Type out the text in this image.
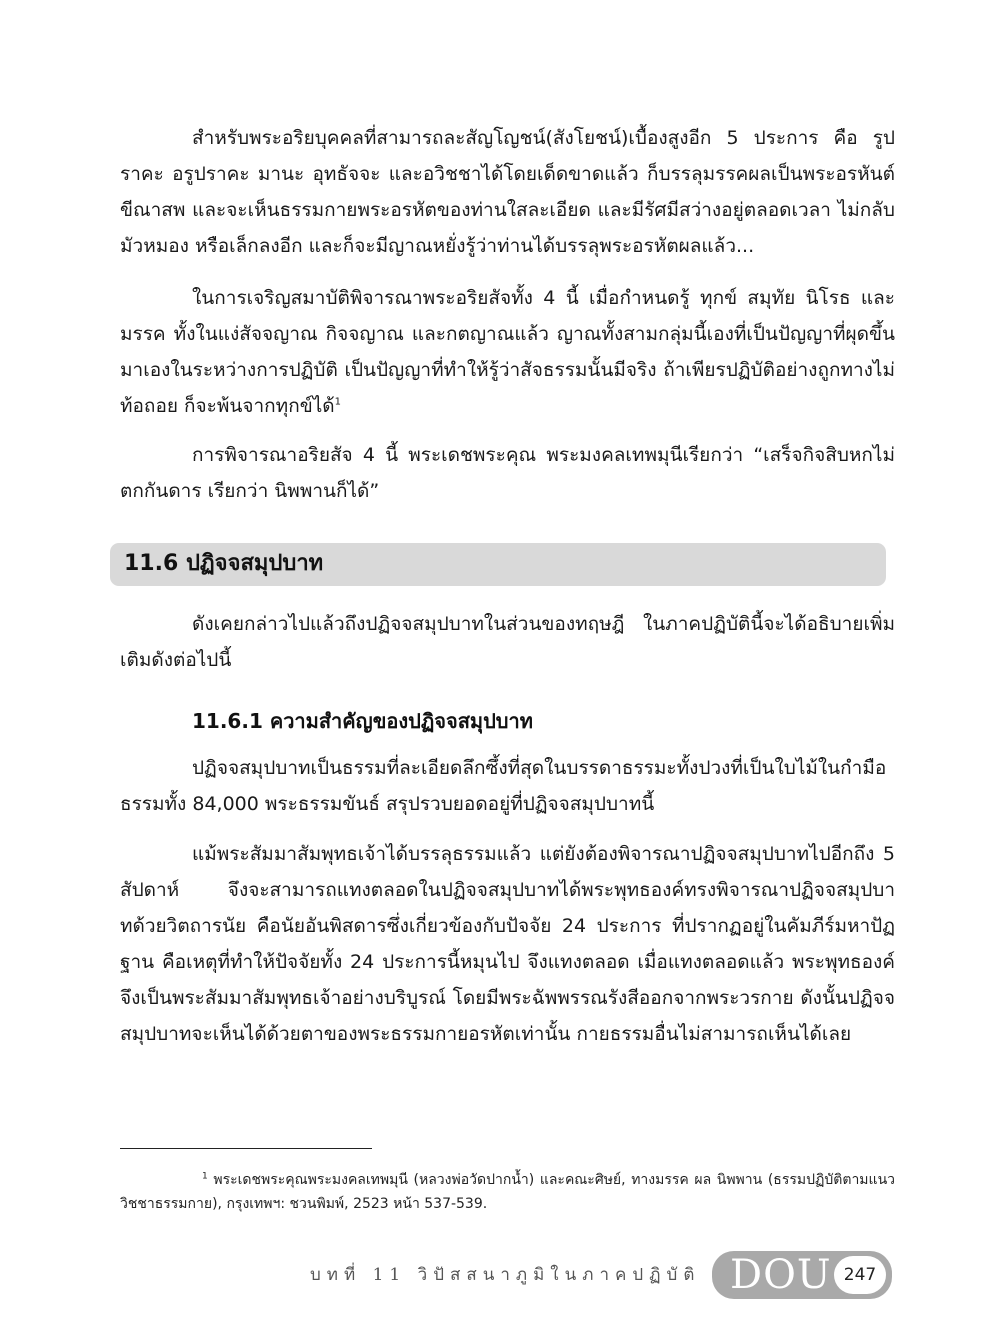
สำหรับพระอริยบุคคลที่สามารถละสัญโญชน์(สังโยชน์)เบื้องสูงอีก 5 ประการ คือ รูปราคะ อรูปราคะ มานะ อุทธัจจะ และอวิชชาได้โดยเด็ดขาดแล้ว ก็บรรลุมรรคผลเป็นพระอรหันต์ขีณาสพ และจะเห็นธรรมกายพระอรหัตของท่านใสละเอียด และมีรัศมีสว่างอยู่ตลอดเวลา ไม่กลับมัวหมอง หรือเล็กลงอีก และก็จะมีญาณหยั่งรู้ว่าท่านได้บรรลุพระอรหัตผลแล้ว...

ในการเจริญสมาบัติพิจารณาพระอริยสัจทั้ง 4 นี้ เมื่อกำหนดรู้ ทุกข์ สมุทัย นิโรธ และมรรค ทั้งในแง่สัจจญาณ กิจจญาณ และกตญาณแล้ว ญาณทั้งสามกลุ่มนี้เองที่เป็นปัญญาที่ผุดขึ้นมาเองในระหว่างการปฏิบัติ เป็นปัญญาที่ทำให้รู้ว่าสัจธรรมนั้นมีจริง ถ้าเพียรปฏิบัติอย่างถูกทางไม่ท้อถอย ก็จะพ้นจากทุกข์ได้$^1$

การพิจารณาอริยสัจ 4 นี้ พระเดชพระคุณ พระมงคลเทพมุนีเรียกว่า “เสร็จกิจสิบหกไม่ตกกันดาร เรียกว่า นิพพานก็ได้”

11.6 ปฏิจจสมุปบาท

ดังเคยกล่าวไปแล้วถึงปฏิจจสมุปบาทในส่วนของทฤษฎี ในภาคปฏิบัตินี้จะได้อธิบายเพิ่มเติมดังต่อไปนี้

11.6.1 ความสำคัญของปฏิจจสมุปบาท

ปฏิจจสมุปบาทเป็นธรรมที่ละเอียดลึกซึ้งที่สุดในบรรดาธรรมะทั้งปวงที่เป็นใบไม้ในกำมือ ธรรมทั้ง 84,000 พระธรรมขันธ์ สรุปรวบยอดอยู่ที่ปฏิจจสมุปบาทนี้

แม้พระสัมมาสัมพุทธเจ้าได้บรรลุธรรมแล้ว แต่ยังต้องพิจารณาปฏิจจสมุปบาทไปอีกถึง 5 สัปดาห์ จึงจะสามารถแทงตลอดในปฏิจจสมุปบาทได้พระพุทธองค์ทรงพิจารณาปฏิจจสมุปบาทด้วยวิตถารนัย คือนัยอันพิสดารซึ่งเกี่ยวข้องกับปัจจัย 24 ประการ ที่ปรากฏอยู่ในคัมภีร์มหาปัฏฐาน คือเหตุที่ทำให้ปัจจัยทั้ง 24 ประการนี้หมุนไป จึงแทงตลอด เมื่อแทงตลอดแล้ว พระพุทธองค์จึงเป็นพระสัมมาสัมพุทธเจ้าอย่างบริบูรณ์ โดยมีพระฉัพพรรณรังสีออกจากพระวรกาย ดังนั้นปฏิจจสมุปบาทจะเห็นได้ด้วยตาของพระธรรมกายอรหัตเท่านั้น กายธรรมอื่นไม่สามารถเห็นได้เลย

$^1$ พระเดชพระคุณพระมงคลเทพมุนี (หลวงพ่อวัดปากน้ำ) และคณะศิษย์, ทางมรรค ผล นิพพาน (ธรรมปฏิบัติตามแนววิชชาธรรมกาย), กรุงเทพฯ: ชวนพิมพ์, 2523 หน้า 537-539.

บทที่ 11 วิปัสสนาภูมิในภาคปฏิบัติ DOU 247
